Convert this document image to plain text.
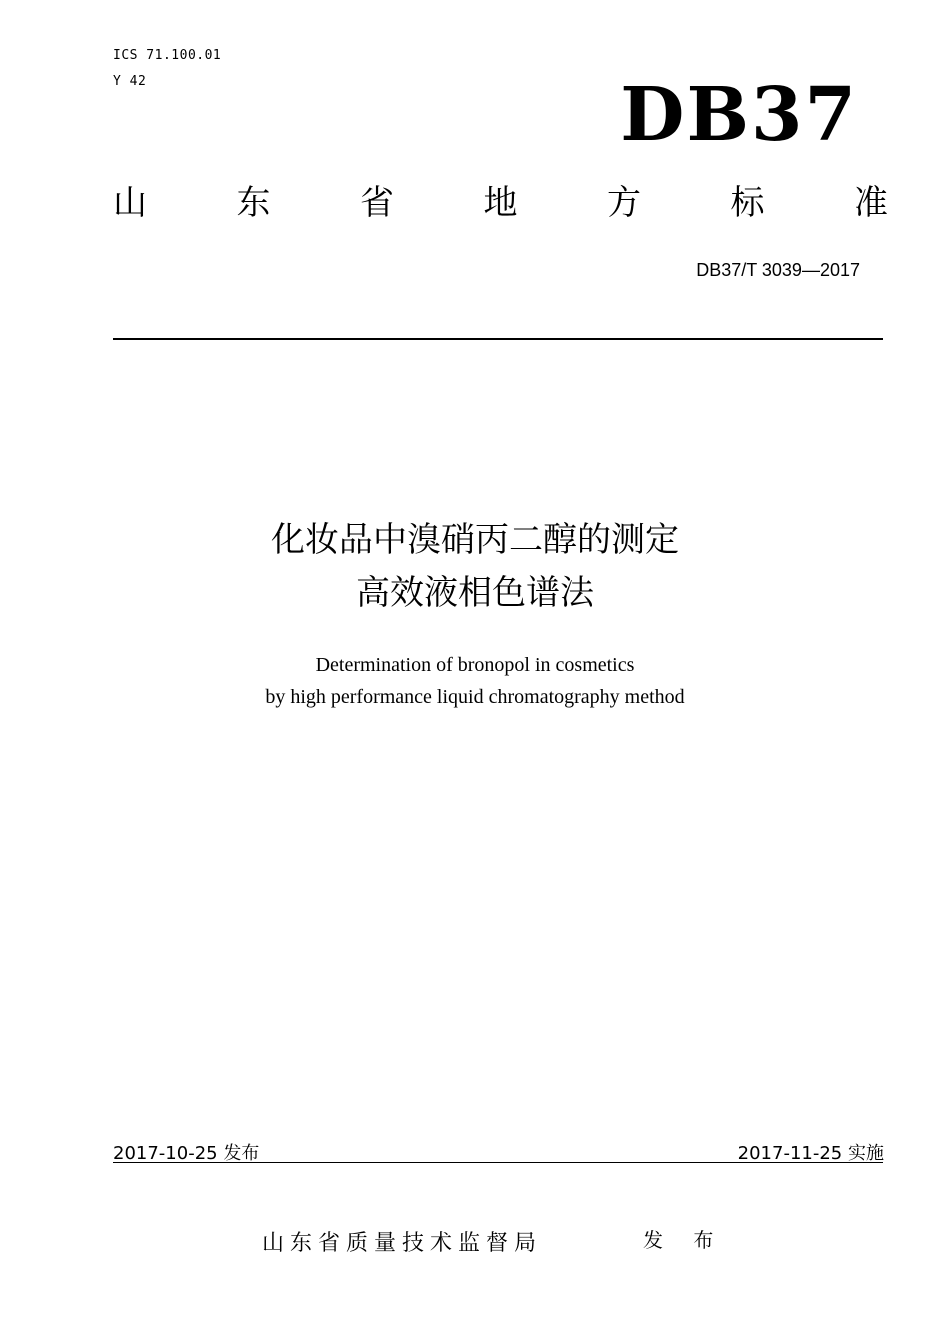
ICS 71.100.01
Y 42	DB37
山	东	省	地	方	标	准
DB37/T 3039—2017
化妆品中溴硝丙二醇的测定
高效液相色谱法
Determination of bronopol in cosmetics
by high performance liquid chromatography method
2017-10-25 发布	2017-11-25 实施
山东省质量技术监督局	发 布
